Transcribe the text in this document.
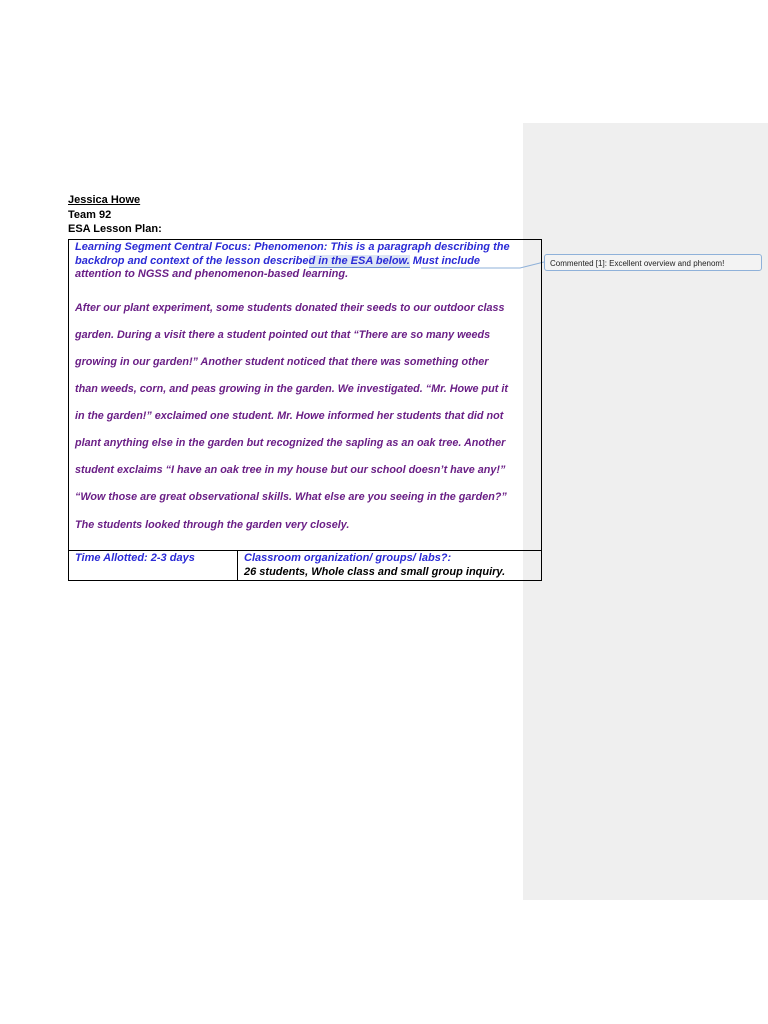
Commented [1]: Excellent overview and phenom!
Jessica Howe
Team 92
ESA Lesson Plan:

Learning Segment Central Focus: Phenomenon: This is a paragraph describing the backdrop and context of the lesson described in the ESA below. Must include
attention to NGSS and phenomenon-based learning.

After our plant experiment, some students donated their seeds to our outdoor class
garden. During a visit there a student pointed out that “There are so many weeds
growing in our garden!” Another student noticed that there was something other
than weeds, corn, and peas growing in the garden. We investigated. “Mr. Howe put it
in the garden!” exclaimed one student. Mr. Howe informed her students that did not
plant anything else in the garden but recognized the sapling as an oak tree. Another
student exclaims “I have an oak tree in my house but our school doesn’t have any!”
“Wow those are great observational skills. What else are you seeing in the garden?”
The students looked through the garden very closely.

Time Allotted: 2-3 days	Classroom organization/ groups/ labs?:
26 students, Whole class and small group inquiry.
